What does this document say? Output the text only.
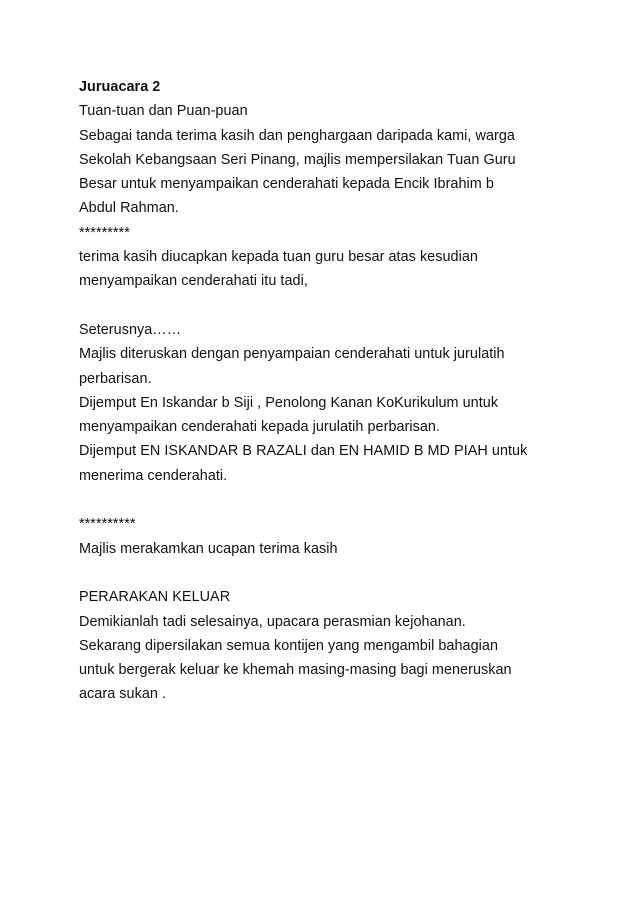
Juruacara 2
Tuan-tuan dan Puan-puan
Sebagai tanda terima kasih dan penghargaan daripada kami, warga
Sekolah Kebangsaan Seri Pinang, majlis mempersilakan Tuan Guru
Besar untuk menyampaikan cenderahati kepada Encik Ibrahim b
Abdul Rahman.
*********
terima kasih diucapkan kepada tuan guru besar atas kesudian
menyampaikan cenderahati itu tadi,
Seterusnya……
Majlis diteruskan dengan penyampaian cenderahati untuk jurulatih
perbarisan.
Dijemput En Iskandar b Siji , Penolong Kanan KoKurikulum untuk
menyampaikan cenderahati kepada jurulatih perbarisan.
Dijemput EN ISKANDAR B RAZALI dan EN HAMID B MD PIAH untuk
menerima cenderahati.
**********
Majlis merakamkan ucapan terima kasih
PERARAKAN KELUAR
Demikianlah tadi selesainya, upacara perasmian kejohanan.
Sekarang dipersilakan semua kontijen yang mengambil bahagian
untuk bergerak keluar ke khemah masing-masing bagi meneruskan
acara sukan .
